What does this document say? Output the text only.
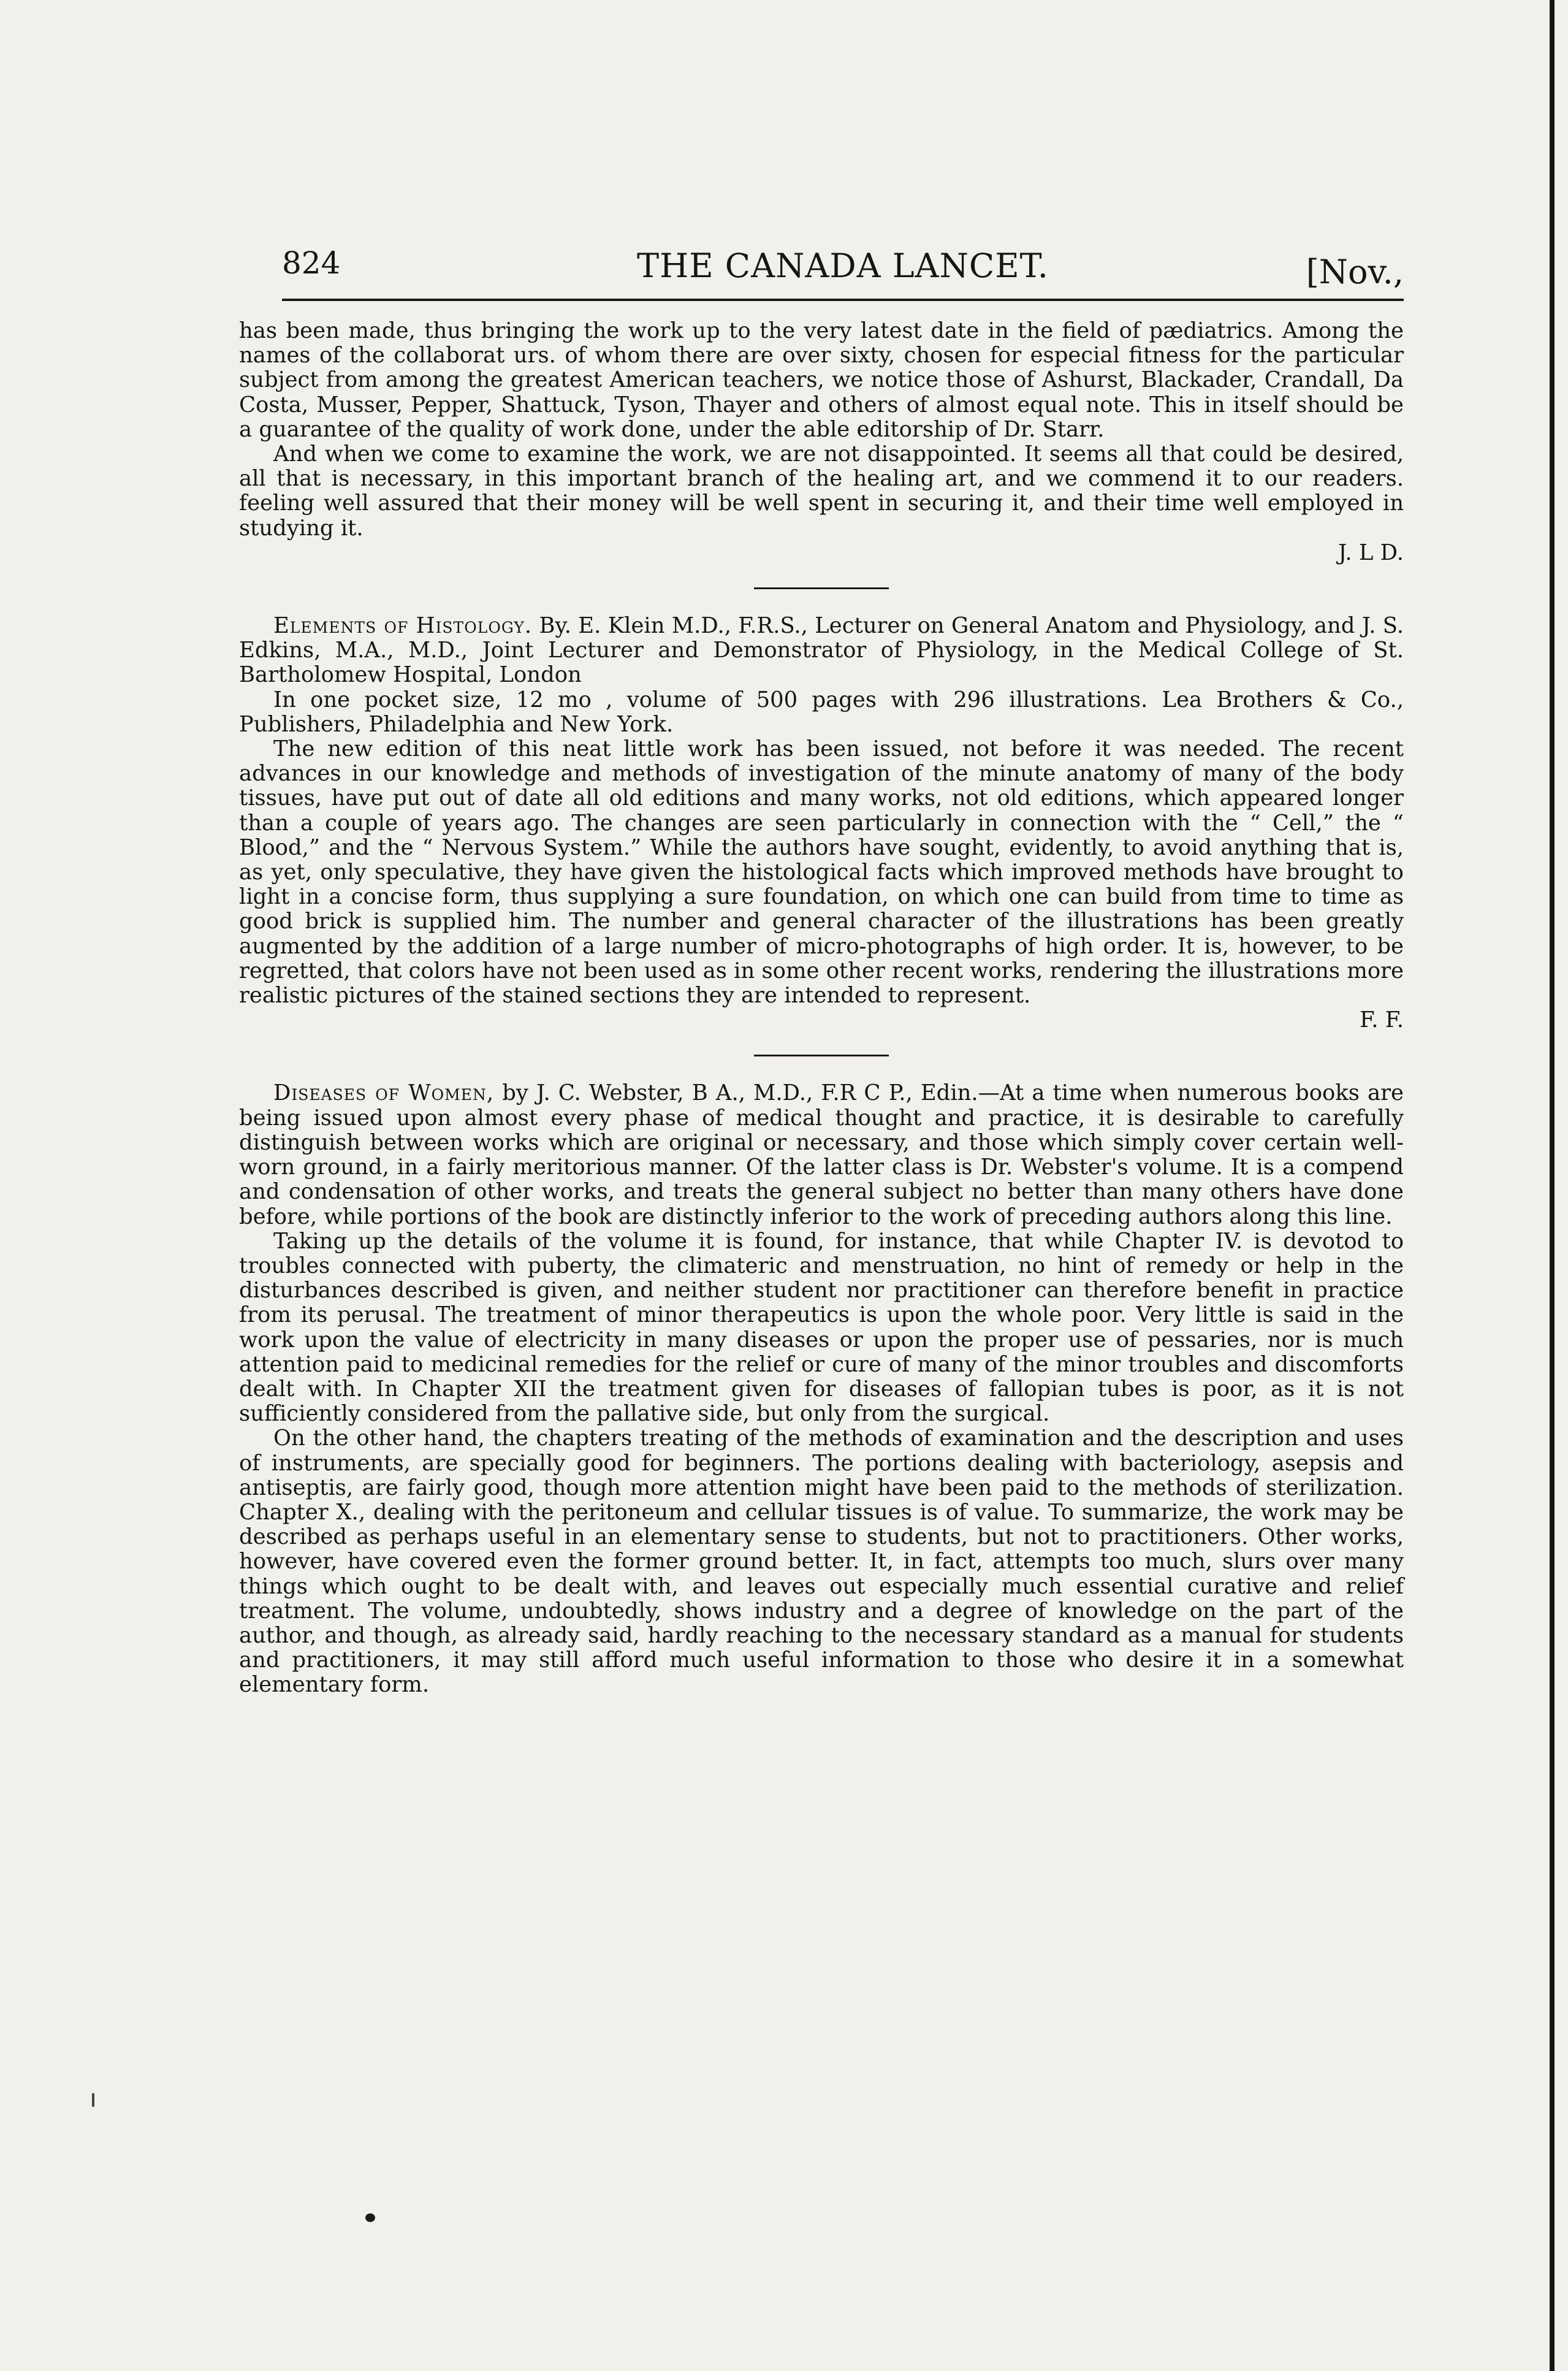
824	THE CANADA LANCET.	[Nov.,

has been made, thus bringing the work up to the very latest date in the field of pædiatrics. Among the names of the collaborat urs. of whom there are over sixty, chosen for especial fitness for the particular subject from among the greatest American teachers, we notice those of Ashurst, Blackader, Crandall, Da Costa, Musser, Pepper, Shattuck, Tyson, Thayer and others of almost equal note. This in itself should be a guarantee of the quality of work done, under the able editorship of Dr. Starr.

And when we come to examine the work, we are not disappointed. It seems all that could be desired, all that is necessary, in this important branch of the healing art, and we commend it to our readers. feeling well assured that their money will be well spent in securing it, and their time well employed in studying it.
J. L D.

Elements of Histology. By. E. Klein M.D., F.R.S., Lecturer on General Anatom and Physiology, and J. S. Edkins, M.A., M.D., Joint Lecturer and Demonstrator of Physiology, in the Medical College of St. Bartholomew Hospital, London

In one pocket size, 12 mo , volume of 500 pages with 296 illustrations. Lea Brothers & Co., Publishers, Philadelphia and New York.

The new edition of this neat little work has been issued, not before it was needed. The recent advances in our knowledge and methods of investigation of the minute anatomy of many of the body tissues, have put out of date all old editions and many works, not old editions, which appeared longer than a couple of years ago. The changes are seen particularly in connection with the “ Cell,” the “ Blood,” and the “ Nervous System.” While the authors have sought, evidently, to avoid anything that is, as yet, only speculative, they have given the histological facts which improved methods have brought to light in a concise form, thus supplying a sure foundation, on which one can build from time to time as good brick is supplied him. The number and general character of the illustrations has been greatly augmented by the addition of a large number of micro-photographs of high order. It is, however, to be regretted, that colors have not been used as in some other recent works, rendering the illustrations more realistic pictures of the stained sections they are intended to represent.
F. F.

Diseases of Women, by J. C. Webster, B A., M.D., F.R C P., Edin.—At a time when numerous books are being issued upon almost every phase of medical thought and practice, it is desirable to carefully distinguish between works which are original or necessary, and those which simply cover certain well-worn ground, in a fairly meritorious manner. Of the latter class is Dr. Webster's volume. It is a compend and condensation of other works, and treats the general subject no better than many others have done before, while portions of the book are distinctly inferior to the work of preceding authors along this line.

Taking up the details of the volume it is found, for instance, that while Chapter IV. is devotod to troubles connected with puberty, the climateric and menstruation, no hint of remedy or help in the disturbances described is given, and neither student nor practitioner can therefore benefit in practice from its perusal. The treatment of minor therapeutics is upon the whole poor. Very little is said in the work upon the value of electricity in many diseases or upon the proper use of pessaries, nor is much attention paid to medicinal remedies for the relief or cure of many of the minor troubles and discomforts dealt with. In Chapter XII the treatment given for diseases of fallopian tubes is poor, as it is not sufficiently considered from the pallative side, but only from the surgical.

On the other hand, the chapters treating of the methods of examination and the description and uses of instruments, are specially good for beginners. The portions dealing with bacteriology, asepsis and antiseptis, are fairly good, though more attention might have been paid to the methods of sterilization. Chapter X., dealing with the peritoneum and cellular tissues is of value. To summarize, the work may be described as perhaps useful in an elementary sense to students, but not to practitioners. Other works, however, have covered even the former ground better. It, in fact, attempts too much, slurs over many things which ought to be dealt with, and leaves out especially much essential curative and relief treatment. The volume, undoubtedly, shows industry and a degree of knowledge on the part of the author, and though, as already said, hardly reaching to the necessary standard as a manual for students and practitioners, it may still afford much useful information to those who desire it in a somewhat elementary form.
